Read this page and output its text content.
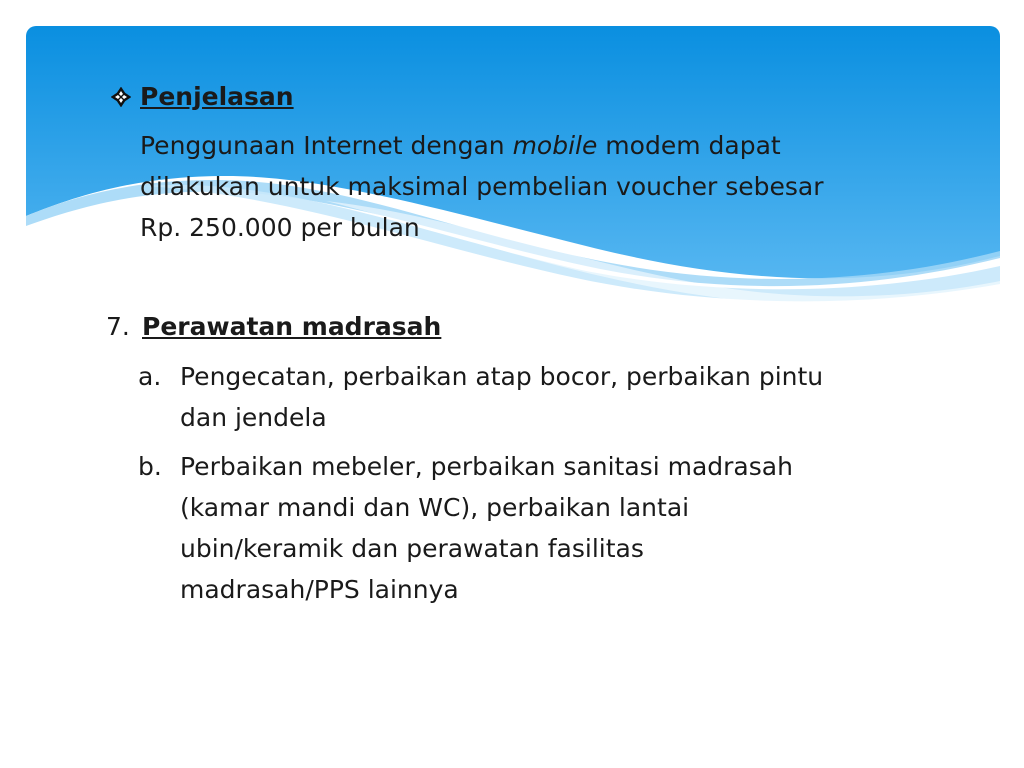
Penjelasan
Penggunaan Internet dengan mobile modem dapat
dilakukan untuk maksimal pembelian voucher sebesar
Rp. 250.000 per bulan
7. Perawatan madrasah
a. Pengecatan, perbaikan atap bocor, perbaikan pintu
dan jendela
b. Perbaikan mebeler, perbaikan sanitasi madrasah
(kamar mandi dan WC), perbaikan lantai
ubin/keramik dan perawatan fasilitas
madrasah/PPS lainnya
